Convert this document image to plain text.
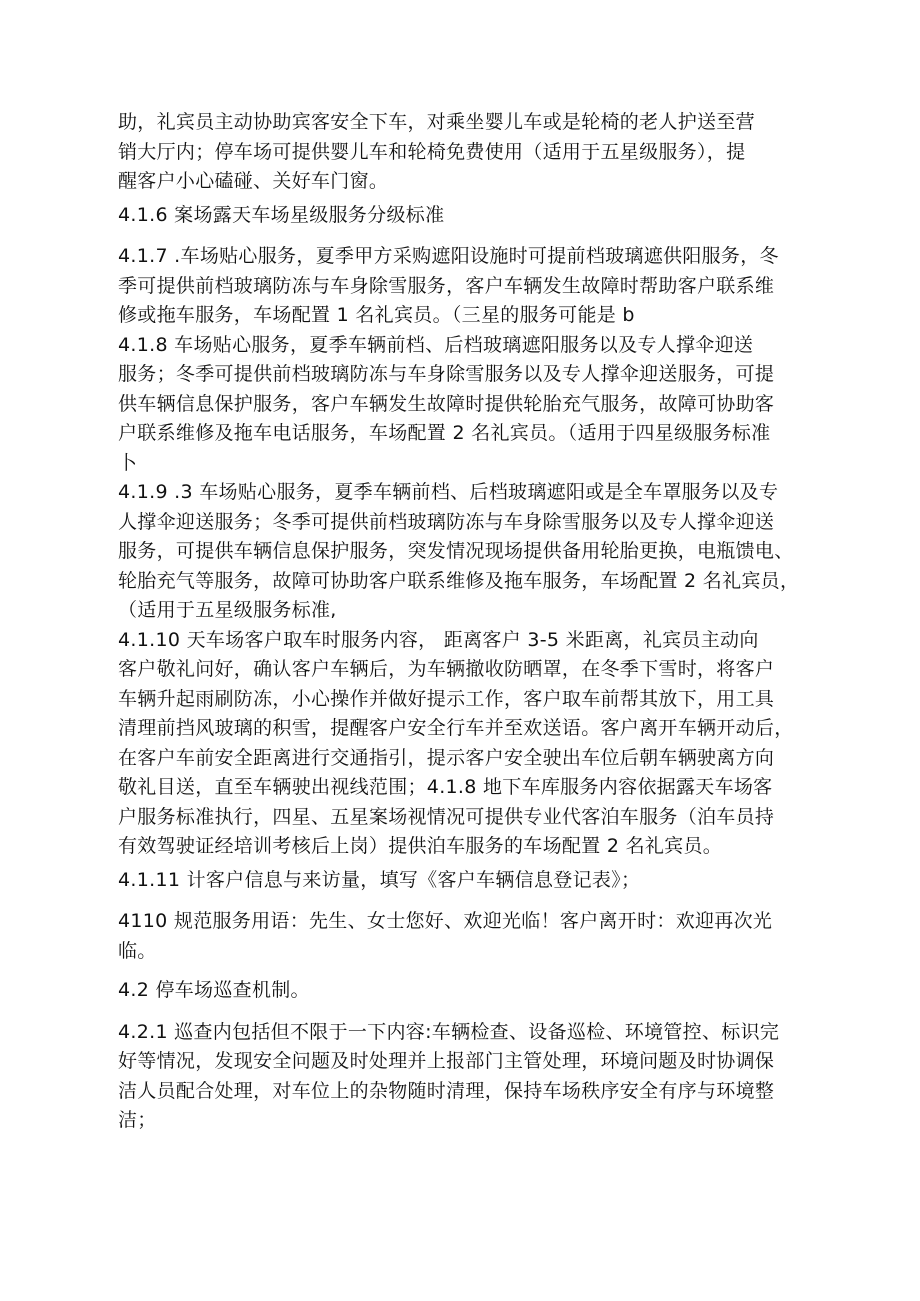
助，礼宾员主动协助宾客安全下车，对乘坐婴儿车或是轮椅的老人护送至营
销大厅内；停车场可提供婴儿车和轮椅免费使用（适用于五星级服务），提
醒客户小心磕碰、关好车门窗。

4.1.6 案场露天车场星级服务分级标准

4.1.7 .车场贴心服务，夏季甲方采购遮阳设施时可提前档玻璃遮供阳服务，冬
季可提供前档玻璃防冻与车身除雪服务，客户车辆发生故障时帮助客户联系维
修或拖车服务，车场配置 1 名礼宾员。（三星的服务可能是 b

4.1.8 车场贴心服务，夏季车辆前档、后档玻璃遮阳服务以及专人撑伞迎送
服务；冬季可提供前档玻璃防冻与车身除雪服务以及专人撑伞迎送服务，可提
供车辆信息保护服务，客户车辆发生故障时提供轮胎充气服务，故障可协助客
户联系维修及拖车电话服务，车场配置 2 名礼宾员。（适用于四星级服务标准
卜

4.1.9 .3 车场贴心服务，夏季车辆前档、后档玻璃遮阳或是全车罩服务以及专
人撑伞迎送服务；冬季可提供前档玻璃防冻与车身除雪服务以及专人撑伞迎送
服务，可提供车辆信息保护服务，突发情况现场提供备用轮胎更换，电瓶馈电、
轮胎充气等服务，故障可协助客户联系维修及拖车服务，车场配置 2 名礼宾员，
（适用于五星级服务标准,

4.1.10 天车场客户取车时服务内容， 距离客户 3-5 米距离，礼宾员主动向
客户敬礼问好，确认客户车辆后，为车辆撤收防晒罩，在冬季下雪时，将客户
车辆升起雨刷防冻，小心操作并做好提示工作，客户取车前帮其放下，用工具
清理前挡风玻璃的积雪，提醒客户安全行车并至欢送语。客户离开车辆开动后，
在客户车前安全距离进行交通指引，提示客户安全驶出车位后朝车辆驶离方向
敬礼目送，直至车辆驶出视线范围；4.1.8 地下车库服务内容依据露天车场客
户服务标准执行，四星、五星案场视情况可提供专业代客泊车服务（泊车员持
有效驾驶证经培训考核后上岗）提供泊车服务的车场配置 2 名礼宾员。

4.1.11 计客户信息与来访量，填写《客户车辆信息登记表》；

4110 规范服务用语：先生、女士您好、欢迎光临！客户离开时：欢迎再次光
临。

4.2 停车场巡查机制。

4.2.1 巡查内包括但不限于一下内容:车辆检查、设备巡检、环境管控、标识完
好等情况，发现安全问题及时处理并上报部门主管处理，环境问题及时协调保
洁人员配合处理，对车位上的杂物随时清理，保持车场秩序安全有序与环境整
洁；
